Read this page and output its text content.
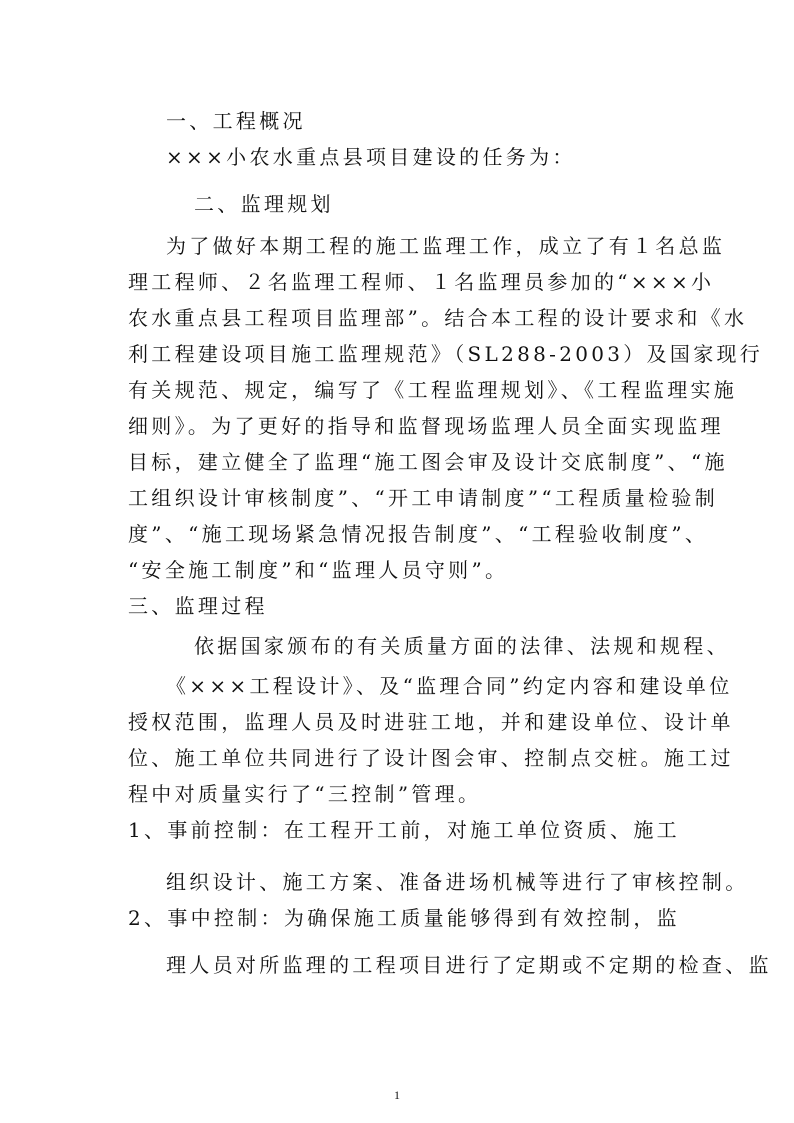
一、工程概况
×××小农水重点县项目建设的任务为：
二、监理规划
为了做好本期工程的施工监理工作，成立了有１名总监
理工程师、２名监理工程师、１名监理员参加的“×××小
农水重点县工程项目监理部”。结合本工程的设计要求和《水
利工程建设项目施工监理规范》（SL288-2003）及国家现行
有关规范、规定，编写了《工程监理规划》、《工程监理实施
细则》。为了更好的指导和监督现场监理人员全面实现监理
目标，建立健全了监理“施工图会审及设计交底制度”、“施
工组织设计审核制度”、“开工申请制度”“工程质量检验制
度”、“施工现场紧急情况报告制度”、“工程验收制度”、
“安全施工制度”和“监理人员守则”。
三、监理过程
依据国家颁布的有关质量方面的法律、法规和规程、
《×××工程设计》、及“监理合同”约定内容和建设单位
授权范围，监理人员及时进驻工地，并和建设单位、设计单
位、施工单位共同进行了设计图会审、控制点交桩。施工过
程中对质量实行了“三控制”管理。
1、事前控制：在工程开工前，对施工单位资质、施工
组织设计、施工方案、准备进场机械等进行了审核控制。
2、事中控制：为确保施工质量能够得到有效控制，监
理人员对所监理的工程项目进行了定期或不定期的检查、监
1
